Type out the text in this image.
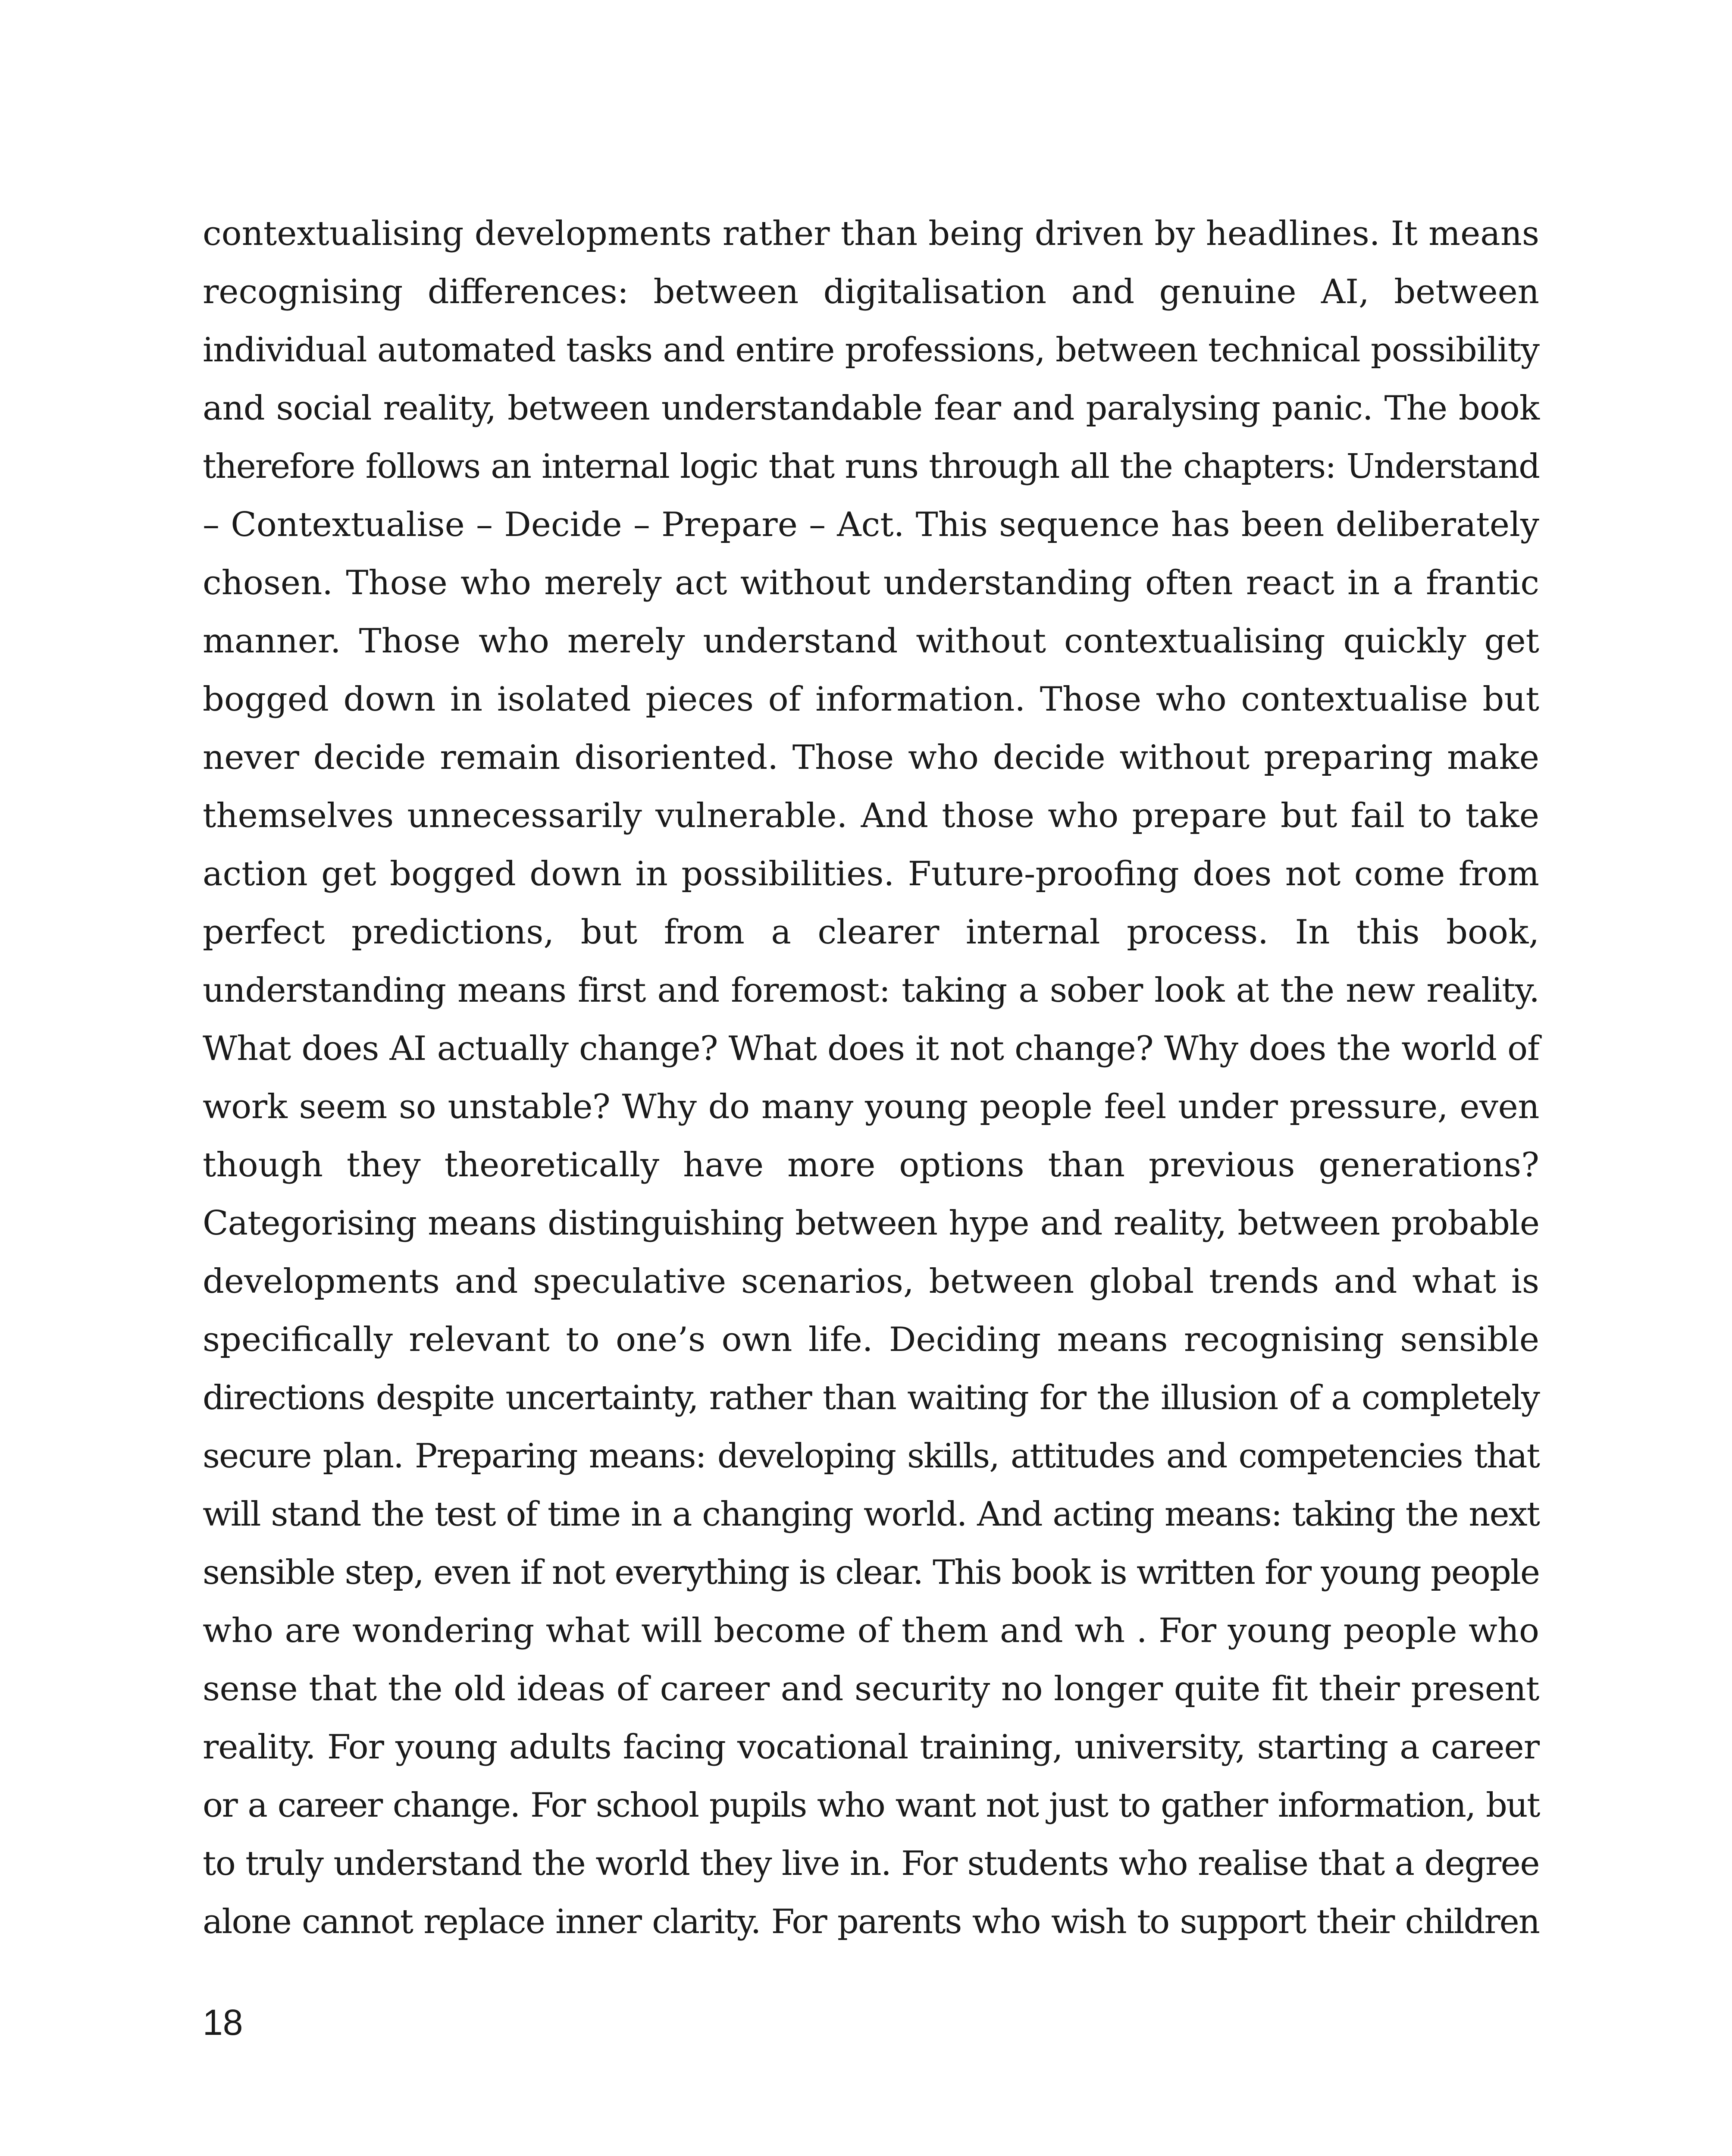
contextualising developments rather than being driven by headlines. It means
recognising differences: between digitalisation and genuine AI, between
individual automated tasks and entire professions, between technical possibility
and social reality, between understandable fear and paralysing panic. The book
therefore follows an internal logic that runs through all the chapters: Understand
– Contextualise – Decide – Prepare – Act. This sequence has been deliberately
chosen. Those who merely act without understanding often react in a frantic
manner. Those who merely understand without contextualising quickly get
bogged down in isolated pieces of information. Those who contextualise but
never decide remain disoriented. Those who decide without preparing make
themselves unnecessarily vulnerable. And those who prepare but fail to take
action get bogged down in possibilities. Future-proofing does not come from
perfect predictions, but from a clearer internal process. In this book,
understanding means first and foremost: taking a sober look at the new reality.
What does AI actually change? What does it not change? Why does the world of
work seem so unstable? Why do many young people feel under pressure, even
though they theoretically have more options than previous generations?
Categorising means distinguishing between hype and reality, between probable
developments and speculative scenarios, between global trends and what is
specifically relevant to one’s own life. Deciding means recognising sensible
directions despite uncertainty, rather than waiting for the illusion of a completely
secure plan. Preparing means: developing skills, attitudes and competencies that
will stand the test of time in a changing world. And acting means: taking the next
sensible step, even if not everything is clear. This book is written for young people
who are wondering what will become of them and wh . For young people who
sense that the old ideas of career and security no longer quite fit their present
reality. For young adults facing vocational training, university, starting a career
or a career change. For school pupils who want not just to gather information, but
to truly understand the world they live in. For students who realise that a degree
alone cannot replace inner clarity. For parents who wish to support their children
18
